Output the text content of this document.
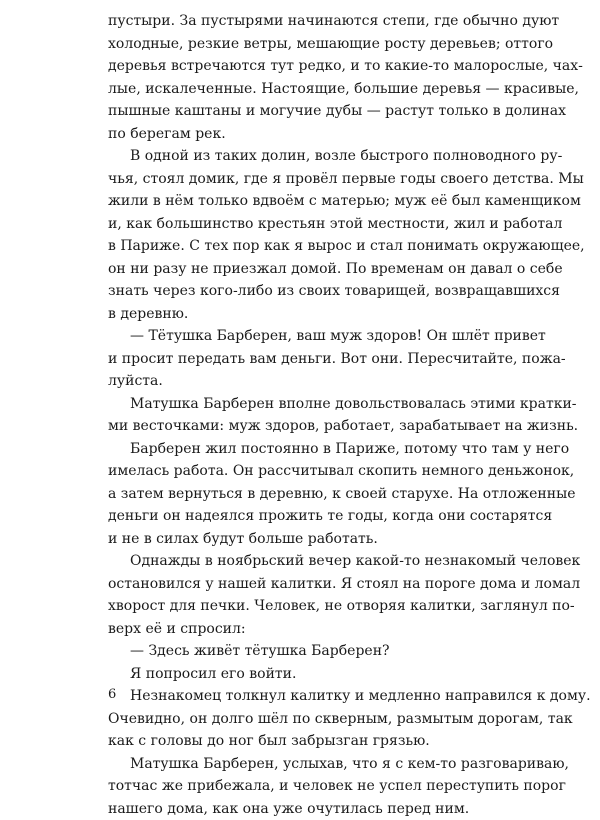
пустыри. За пустырями начинаются степи, где обычно дуют
холодные, резкие ветры, мешающие росту деревьев; оттого
деревья встречаются тут редко, и то какие-то малорослые, чах-
лые, искалеченные. Настоящие, большие деревья — красивые,
пышные каштаны и могучие дубы — растут только в долинах
по берегам рек.
В одной из таких долин, возле быстрого полноводного ру-
чья, стоял домик, где я провёл первые годы своего детства. Мы
жили в нём только вдвоём с матерью; муж её был каменщиком
и, как большинство крестьян этой местности, жил и работал
в Париже. С тех пор как я вырос и стал понимать окружающее,
он ни разу не приезжал домой. По временам он давал о себе
знать через кого-либо из своих товарищей, возвращавшихся
в деревню.
— Тётушка Барберен, ваш муж здоров! Он шлёт привет
и просит передать вам деньги. Вот они. Пересчитайте, пожа-
луйста.
Матушка Барберен вполне довольствовалась этими кратки-
ми весточками: муж здоров, работает, зарабатывает на жизнь.
Барберен жил постоянно в Париже, потому что там у него
имелась работа. Он рассчитывал скопить немного деньжонок,
а затем вернуться в деревню, к своей старухе. На отложенные
деньги он надеялся прожить те годы, когда они состарятся
и не в силах будут больше работать.
Однажды в ноябрьский вечер какой-то незнакомый человек
остановился у нашей калитки. Я стоял на пороге дома и ломал
хворост для печки. Человек, не отворяя калитки, заглянул по-
верх её и спросил:
— Здесь живёт тётушка Барберен?
Я попросил его войти.
Незнакомец толкнул калитку и медленно направился к дому.
Очевидно, он долго шёл по скверным, размытым дорогам, так
как с головы до ног был забрызган грязью.
Матушка Барберен, услыхав, что я с кем-то разговариваю,
тотчас же прибежала, и человек не успел переступить порог
нашего дома, как она уже очутилась перед ним.
6
